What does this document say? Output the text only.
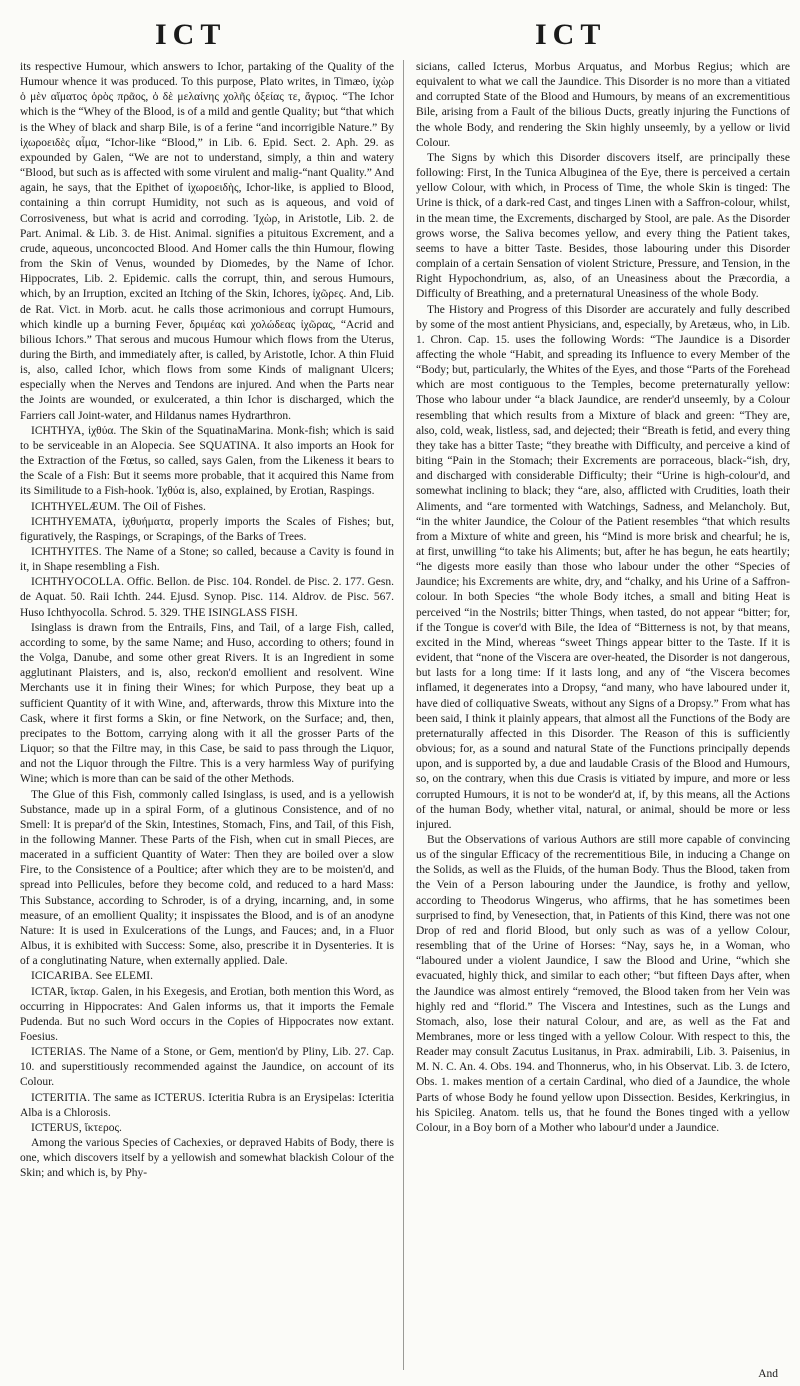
ICT	ICT

its respective Humour, which answers to Ichor, partaking of the Quality of the Humour whence it was produced. To this purpose, Plato writes, in Timæo, ἰχὼρ ὁ μὲν αἵματος ὀρὸς πρᾶος, ὁ δὲ μελαίνης χολῆς ὀξείας τε, ἄγριος. “The Ichor which is the “Whey of the Blood, is of a mild and gentle Quality; but “that which is the Whey of black and sharp Bile, is of a ferine “and incorrigible Nature.” By ἰχωροειδὲς αἷμα, “Ichor-like “Blood,” in Lib. 6. Epid. Sect. 2. Aph. 29. as expounded by Galen, “We are not to understand, simply, a thin and watery “Blood, but such as is affected with some virulent and malig-“nant Quality.” And again, he says, that the Epithet of ἰχωροειδὴς, Ichor-like, is applied to Blood, containing a thin corrupt Humidity, not such as is aqueous, and void of Corrosiveness, but what is acrid and corroding. Ἰχὼρ, in Aristotle, Lib. 2. de Part. Animal. & Lib. 3. de Hist. Animal. signifies a pituitous Excrement, and a crude, aqueous, unconcocted Blood. And Homer calls the thin Humour, flowing from the Skin of Venus, wounded by Diomedes, by the Name of Ichor. Hippocrates, Lib. 2. Epidemic. calls the corrupt, thin, and serous Humours, which, by an Irruption, excited an Itching of the Skin, Ichores, ἰχῶρες. And, Lib. de Rat. Vict. in Morb. acut. he calls those acrimonious and corrupt Humours, which kindle up a burning Fever, δριμέας καὶ χολώδεας ἰχῶρας, “Acrid and bilious Ichors.” That serous and mucous Humour which flows from the Uterus, during the Birth, and immediately after, is called, by Aristotle, Ichor. A thin Fluid is, also, called Ichor, which flows from some Kinds of malignant Ulcers; especially when the Nerves and Tendons are injured. And when the Parts near the Joints are wounded, or exulcerated, a thin Ichor is discharged, which the Farriers call Joint-water, and Hildanus names Hydrarthron.

ICHTHYA, ἰχθύα. The Skin of the SquatinaMarina. Monk-fish; which is said to be serviceable in an Alopecia. See SQUATINA. It also imports an Hook for the Extraction of the Fœtus, so called, says Galen, from the Likeness it bears to the Scale of a Fish: But it seems more probable, that it acquired this Name from its Similitude to a Fish-hook. Ἰχθύα is, also, explained, by Erotian, Raspings.

ICHTHYELÆUM. The Oil of Fishes.

ICHTHYEMATA, ἰχθυήματα, properly imports the Scales of Fishes; but, figuratively, the Raspings, or Scrapings, of the Barks of Trees.

ICHTHYITES. The Name of a Stone; so called, because a Cavity is found in it, in Shape resembling a Fish.

ICHTHYOCOLLA. Offic. Bellon. de Pisc. 104. Rondel. de Pisc. 2. 177. Gesn. de Aquat. 50. Raii Ichth. 244. Ejusd. Synop. Pisc. 114. Aldrov. de Pisc. 567. Huso Ichthyocolla. Schrod. 5. 329. THE ISINGLASS FISH.

Isinglass is drawn from the Entrails, Fins, and Tail, of a large Fish, called, according to some, by the same Name; and Huso, according to others; found in the Volga, Danube, and some other great Rivers. It is an Ingredient in some agglutinant Plaisters, and is, also, reckon'd emollient and resolvent. Wine Merchants use it in fining their Wines; for which Purpose, they beat up a sufficient Quantity of it with Wine, and, afterwards, throw this Mixture into the Cask, where it first forms a Skin, or fine Network, on the Surface; and, then, precipates to the Bottom, carrying along with it all the grosser Parts of the Liquor; so that the Filtre may, in this Case, be said to pass through the Liquor, and not the Liquor through the Filtre. This is a very harmless Way of purifying Wine; which is more than can be said of the other Methods.

The Glue of this Fish, commonly called Isinglass, is used, and is a yellowish Substance, made up in a spiral Form, of a glutinous Consistence, and of no Smell: It is prepar'd of the Skin, Intestines, Stomach, Fins, and Tail, of this Fish, in the following Manner. These Parts of the Fish, when cut in small Pieces, are macerated in a sufficient Quantity of Water: Then they are boiled over a slow Fire, to the Consistence of a Poultice; after which they are to be moisten'd, and spread into Pellicules, before they become cold, and reduced to a hard Mass: This Substance, according to Schroder, is of a drying, incarning, and, in some measure, of an emollient Quality; it inspissates the Blood, and is of an anodyne Nature: It is used in Exulcerations of the Lungs, and Fauces; and, in a Fluor Albus, it is exhibited with Success: Some, also, prescribe it in Dysenteries. It is of a conglutinating Nature, when externally applied. Dale.

ICICARIBA. See ELEMI.

ICTAR, ἴκταρ. Galen, in his Exegesis, and Erotian, both mention this Word, as occurring in Hippocrates: And Galen informs us, that it imports the Female Pudenda. But no such Word occurs in the Copies of Hippocrates now extant. Foesius.

ICTERIAS. The Name of a Stone, or Gem, mention'd by Pliny, Lib. 27. Cap. 10. and superstitiously recommended against the Jaundice, on account of its Colour.

ICTERITIA. The same as ICTERUS. Ictеritia Rubra is an Erysipelas: Icteritia Alba is a Chlorosis.

ICTERUS, ἴκτερος.

Among the various Species of Cachexies, or depraved Habits of Body, there is one, which discovers itself by a yellowish and somewhat blackish Colour of the Skin; and which is, by Phy-

sicians, called Icterus, Morbus Arquatus, and Morbus Regius; which are equivalent to what we call the Jaundice. This Disorder is no more than a vitiated and corrupted State of the Blood and Humours, by means of an excrementitious Bile, arising from a Fault of the bilious Ducts, greatly injuring the Functions of the whole Body, and rendering the Skin highly unseemly, by a yellow or livid Colour.

The Signs by which this Disorder discovers itself, are principally these following: First, In the Tunica Albuginea of the Eye, there is perceived a certain yellow Colour, with which, in Process of Time, the whole Skin is tinged: The Urine is thick, of a dark-red Cast, and tinges Linen with a Saffron-colour, whilst, in the mean time, the Excrements, discharged by Stool, are pale. As the Disorder grows worse, the Saliva becomes yellow, and every thing the Patient takes, seems to have a bitter Taste. Besides, those labouring under this Disorder complain of a certain Sensation of violent Stricture, Pressure, and Tension, in the Right Hypochondrium, as, also, of an Uneasiness about the Præcordia, a Difficulty of Breathing, and a preternatural Uneasiness of the whole Body.

The History and Progress of this Disorder are accurately and fully described by some of the most antient Physicians, and, especially, by Aretæus, who, in Lib. 1. Chron. Cap. 15. uses the following Words: “The Jaundice is a Disorder affecting the whole “Habit, and spreading its Influence to every Member of the “Body; but, particularly, the Whites of the Eyes, and those “Parts of the Forehead which are most contiguous to the Temples, become preternaturally yellow: Those who labour under “a black Jaundice, are render'd unseemly, by a Colour resembling that which results from a Mixture of black and green: “They are, also, cold, weak, listless, sad, and dejected; their “Breath is fetid, and every thing they take has a bitter Taste; “they breathe with Difficulty, and perceive a kind of biting “Pain in the Stomach; their Excrements are porraceous, black-“ish, dry, and discharged with considerable Difficulty; their “Urine is high-colour'd, and somewhat inclining to black; they “are, also, afflicted with Crudities, loath their Aliments, and “are tormented with Watchings, Sadness, and Melancholy. But, “in the whiter Jaundice, the Colour of the Patient resembles “that which results from a Mixture of white and green, his “Mind is more brisk and chearful; he is, at first, unwilling “to take his Aliments; but, after he has begun, he eats heartily; “he digests more easily than those who labour under the other “Species of Jaundice; his Excrements are white, dry, and “chalky, and his Urine of a Saffron-colour. In both Species “the whole Body itches, a small and biting Heat is perceived “in the Nostrils; bitter Things, when tasted, do not appear “bitter; for, if the Tongue is cover'd with Bile, the Idea of “Bitterness is not, by that means, excited in the Mind, whereas “sweet Things appear bitter to the Taste. If it is evident, that “none of the Viscera are over-heated, the Disorder is not dangerous, but lasts for a long time: If it lasts long, and any of “the Viscera becomes inflamed, it degenerates into a Dropsy, “and many, who have laboured under it, have died of colliquative Sweats, without any Signs of a Dropsy.” From what has been said, I think it plainly appears, that almost all the Functions of the Body are preternaturally affected in this Disorder. The Reason of this is sufficiently obvious; for, as a sound and natural State of the Functions principally depends upon, and is supported by, a due and laudable Crasis of the Blood and Humours, so, on the contrary, when this due Crasis is vitiated by impure, and more or less corrupted Humours, it is not to be wonder'd at, if, by this means, all the Actions of the human Body, whether vital, natural, or animal, should be more or less injured.

But the Observations of various Authors are still more capable of convincing us of the singular Efficacy of the recrementitious Bile, in inducing a Change on the Solids, as well as the Fluids, of the human Body. Thus the Blood, taken from the Vein of a Person labouring under the Jaundice, is frothy and yellow, according to Theodorus Wingerus, who affirms, that he has sometimes been surprised to find, by Venesection, that, in Patients of this Kind, there was not one Drop of red and florid Blood, but only such as was of a yellow Colour, resembling that of the Urine of Horses: “Nay, says he, in a Woman, who “laboured under a violent Jaundice, I saw the Blood and Urine, “which she evacuated, highly thick, and similar to each other; “but fifteen Days after, when the Jaundice was almost entirely “removed, the Blood taken from her Vein was highly red and “florid.” The Viscera and Intestines, such as the Lungs and Stomach, also, lose their natural Colour, and are, as well as the Fat and Membranes, more or less tinged with a yellow Colour. With respect to this, the Reader may consult Zacutus Lusitanus, in Prax. admirabili, Lib. 3. Paisenius, in M. N. C. An. 4. Obs. 194. and Thonnerus, who, in his Observat. Lib. 3. de Ictero, Obs. 1. makes mention of a certain Cardinal, who died of a Jaundice, the whole Parts of whose Body he found yellow upon Dissection. Besides, Kerkringius, in his Spicileg. Anatom. tells us, that he found the Bones tinged with a yellow Colour, in a Boy born of a Mother who labour'd under a Jaundice.

And
